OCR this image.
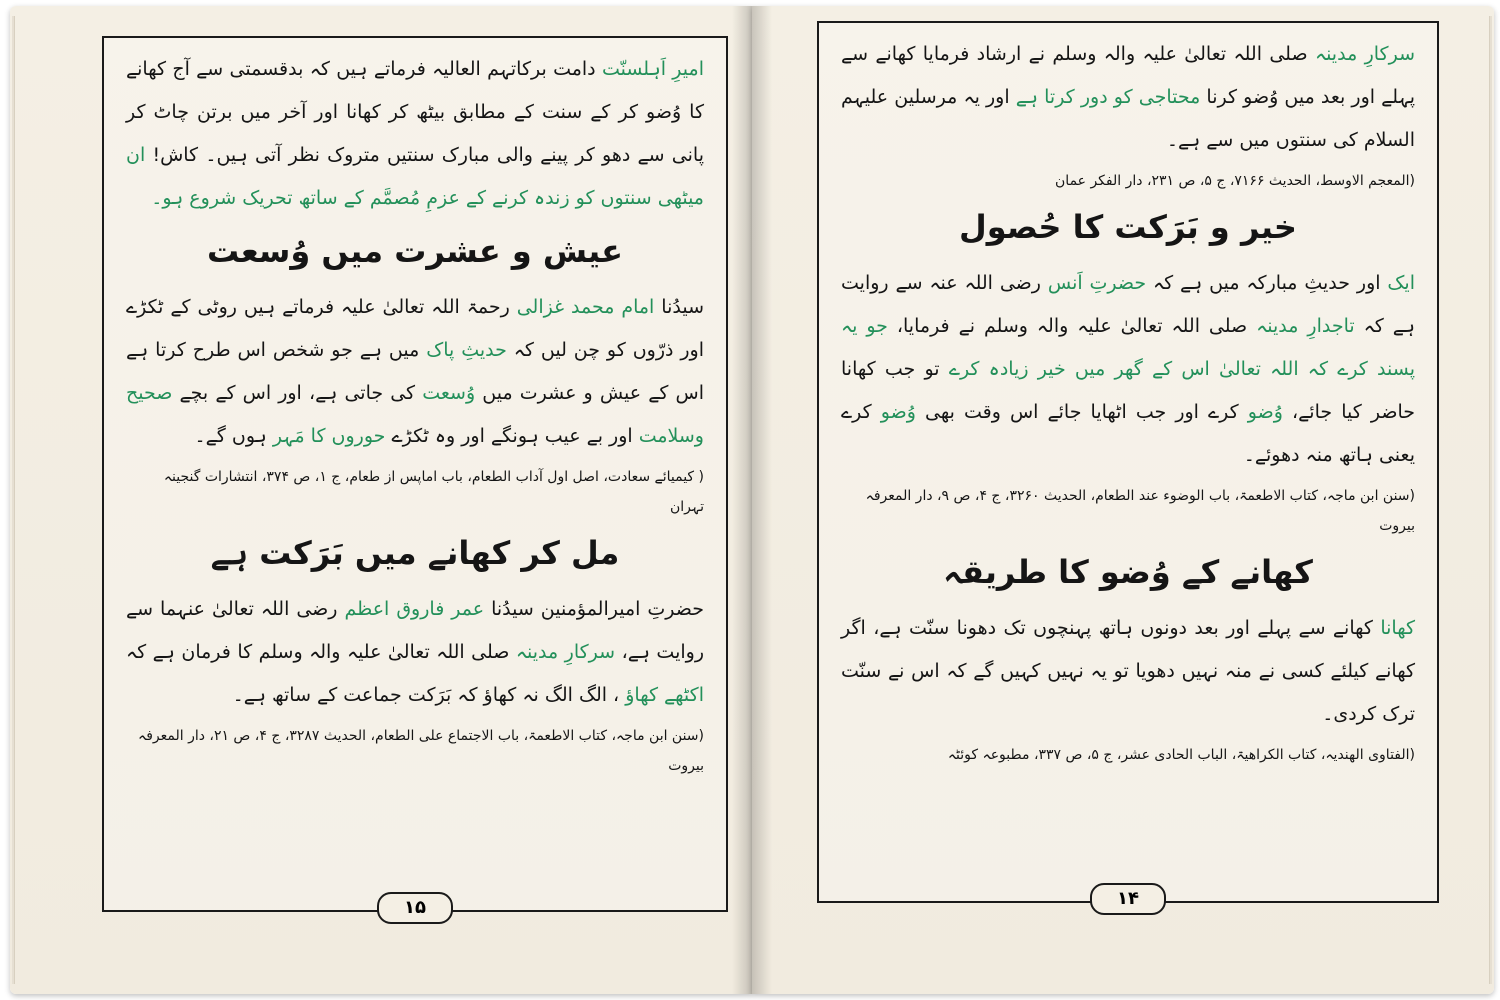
امیرِ اَہلسنّت دامت برکاتہم العالیہ فرماتے ہیں کہ بدقسمتی سے آج کھانے کا وُضو کر کے سنت کے مطابق بیٹھ کر کھانا اور آخر میں برتن چاٹ کر پانی سے دھو کر پینے والی مبارک سنتیں متروک نظر آتی ہیں۔ کاش! ان میٹھی سنتوں کو زندہ کرنے کے عزمِ مُصمَّم کے ساتھ تحریک شروع ہو۔

عیش و عشرت میں وُسعت

سیدُنا امام محمد غزالی رحمۃ اللہ تعالیٰ علیہ فرماتے ہیں روٹی کے ٹکڑے اور ذرّوں کو چن لیں کہ حدیثِ پاک میں ہے جو شخص اس طرح کرتا ہے اس کے عیش و عشرت میں وُسعت کی جاتی ہے، اور اس کے بچے صحیح وسلامت اور بے عیب ہونگے اور وہ ٹکڑے حوروں کا مَہر ہوں گے۔

( کیمیائے سعادت، اصل اول آداب الطعام، باب اماپس از طعام، ج ۱، ص ۳۷۴، انتشارات گنجینہ تہران
مل کر کھانے میں بَرَکت ہے

حضرتِ امیرالمؤمنین سیدُنا عمر فاروق اعظم رضی اللہ تعالیٰ عنہما سے روایت ہے، سرکارِ مدینہ صلی اللہ تعالیٰ علیہ والہ وسلم کا فرمان ہے کہ اکٹھے کھاؤ ، الگ الگ نہ کھاؤ کہ بَرَکت جماعت کے ساتھ ہے۔

(سنن ابن ماجہ، کتاب الاطعمۃ، باب الاجتماع علی الطعام، الحدیث ۳۲۸۷، ج ۴، ص ۲۱، دار المعرفہ بیروت
۱۵

سرکارِ مدینہ صلی اللہ تعالیٰ علیہ والہ وسلم نے ارشاد فرمایا کھانے سے پہلے اور بعد میں وُضو کرنا محتاجی کو دور کرتا ہے اور یہ مرسلین علیہم السلام کی سنتوں میں سے ہے۔

(المعجم الاوسط، الحدیث ۷۱۶۶، ج ۵، ص ۲۳۱، دار الفکر عمان
خیر و بَرَکت کا حُصول

ایک اور حدیثِ مبارکہ میں ہے کہ حضرتِ اَنس رضی اللہ عنہ سے روایت ہے کہ تاجدارِ مدینہ صلی اللہ تعالیٰ علیہ والہ وسلم نے فرمایا، جو یہ پسند کرے کہ اللہ تعالیٰ اس کے گھر میں خیر زیادہ کرے تو جب کھانا حاضر کیا جائے، وُضو کرے اور جب اٹھایا جائے اس وقت بھی وُضو کرے یعنی ہاتھ منہ دھوئے۔

(سنن ابن ماجہ، کتاب الاطعمۃ، باب الوضوء عند الطعام، الحدیث ۳۲۶۰، ج ۴، ص ۹، دار المعرفہ بیروت
کھانے کے وُضو کا طریقہ

کھانا کھانے سے پہلے اور بعد دونوں ہاتھ پہنچوں تک دھونا سنّت ہے، اگر کھانے کیلئے کسی نے منہ نہیں دھویا تو یہ نہیں کہیں گے کہ اس نے سنّت ترک کردی۔

(الفتاوی الھندیہ، کتاب الکراھیۃ، الباب الحادی عشر، ج ۵، ص ۳۳۷، مطبوعہ کوئٹہ
۱۴
